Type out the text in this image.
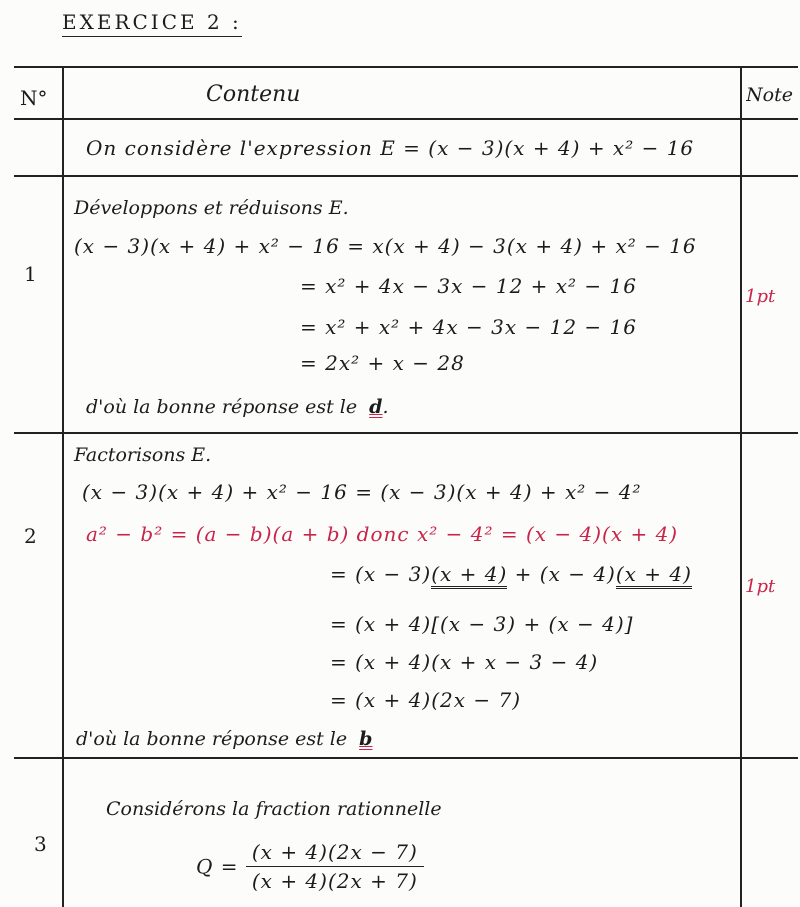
EXERCICE 2 :
N°	Contenu	Note
On considère l'expression E = (x − 3)(x + 4) + x² − 16
1
Développons et réduisons E.
(x − 3)(x + 4) + x² − 16 = x(x + 4) − 3(x + 4) + x² − 16
= x² + 4x − 3x − 12 + x² − 16
= x² + x² + 4x − 3x − 12 − 16
= 2x² + x − 28
d'où la bonne réponse est le d.
1pt
2
Factorisons E.
(x − 3)(x + 4) + x² − 16 = (x − 3)(x + 4) + x² − 4²
a² − b² = (a − b)(a + b) donc x² − 4² = (x − 4)(x + 4)
= (x − 3)(x + 4) + (x − 4)(x + 4)
= (x + 4)[(x − 3) + (x − 4)]
= (x + 4)(x + x − 3 − 4)
= (x + 4)(2x − 7)
d'où la bonne réponse est le b
1pt
3
Considérons la fraction rationnelle
$Q = \frac{(x + 4)(2x - 7)}{(x + 4)(2x + 7)}$
